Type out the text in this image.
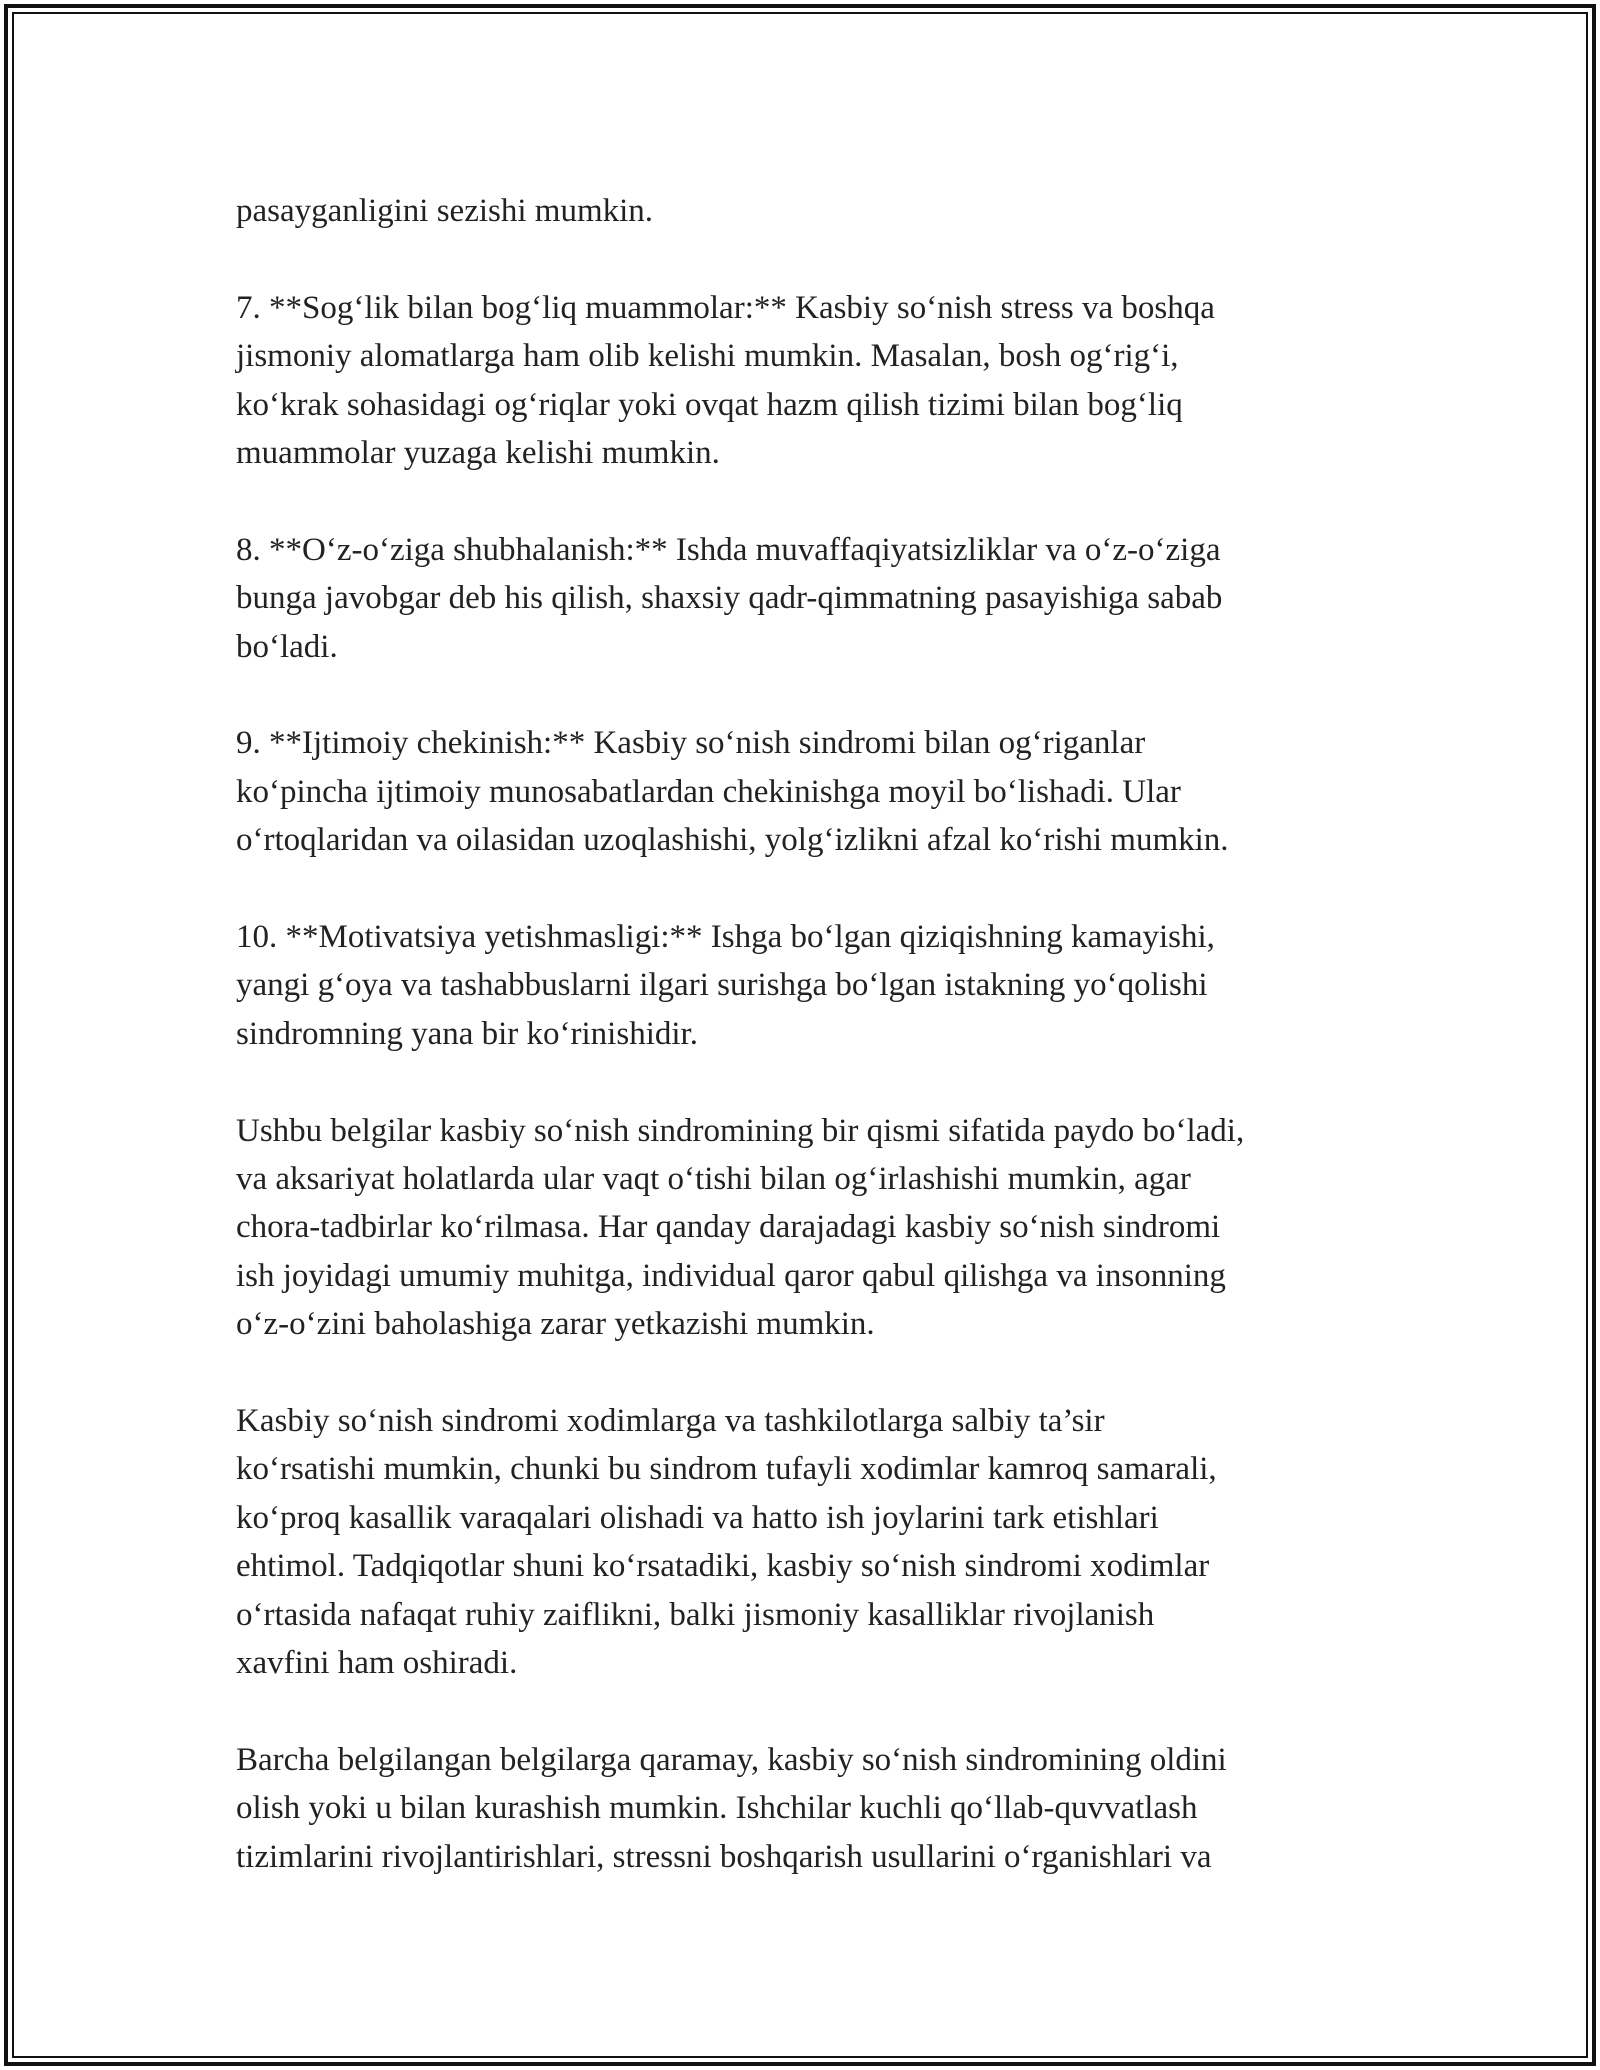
pasayganligini sezishi mumkin.
7. **Sog‘lik bilan bog‘liq muammolar:** Kasbiy so‘nish stress va boshqa
jismoniy alomatlarga ham olib kelishi mumkin. Masalan, bosh og‘rig‘i,
ko‘krak sohasidagi og‘riqlar yoki ovqat hazm qilish tizimi bilan bog‘liq
muammolar yuzaga kelishi mumkin.
8. **O‘z-o‘ziga shubhalanish:** Ishda muvaffaqiyatsizliklar va o‘z-o‘ziga
bunga javobgar deb his qilish, shaxsiy qadr-qimmatning pasayishiga sabab
bo‘ladi.
9. **Ijtimoiy chekinish:** Kasbiy so‘nish sindromi bilan og‘riganlar
ko‘pincha ijtimoiy munosabatlardan chekinishga moyil bo‘lishadi. Ular
o‘rtoqlaridan va oilasidan uzoqlashishi, yolg‘izlikni afzal ko‘rishi mumkin.
10. **Motivatsiya yetishmasligi:** Ishga bo‘lgan qiziqishning kamayishi,
yangi g‘oya va tashabbuslarni ilgari surishga bo‘lgan istakning yo‘qolishi
sindromning yana bir ko‘rinishidir.
Ushbu belgilar kasbiy so‘nish sindromining bir qismi sifatida paydo bo‘ladi,
va aksariyat holatlarda ular vaqt o‘tishi bilan og‘irlashishi mumkin, agar
chora-tadbirlar ko‘rilmasa. Har qanday darajadagi kasbiy so‘nish sindromi
ish joyidagi umumiy muhitga, individual qaror qabul qilishga va insonning
o‘z-o‘zini baholashiga zarar yetkazishi mumkin.
Kasbiy so‘nish sindromi xodimlarga va tashkilotlarga salbiy ta’sir
ko‘rsatishi mumkin, chunki bu sindrom tufayli xodimlar kamroq samarali,
ko‘proq kasallik varaqalari olishadi va hatto ish joylarini tark etishlari
ehtimol. Tadqiqotlar shuni ko‘rsatadiki, kasbiy so‘nish sindromi xodimlar
o‘rtasida nafaqat ruhiy zaiflikni, balki jismoniy kasalliklar rivojlanish
xavfini ham oshiradi.
Barcha belgilangan belgilarga qaramay, kasbiy so‘nish sindromining oldini
olish yoki u bilan kurashish mumkin. Ishchilar kuchli qo‘llab-quvvatlash
tizimlarini rivojlantirishlari, stressni boshqarish usullarini o‘rganishlari va
